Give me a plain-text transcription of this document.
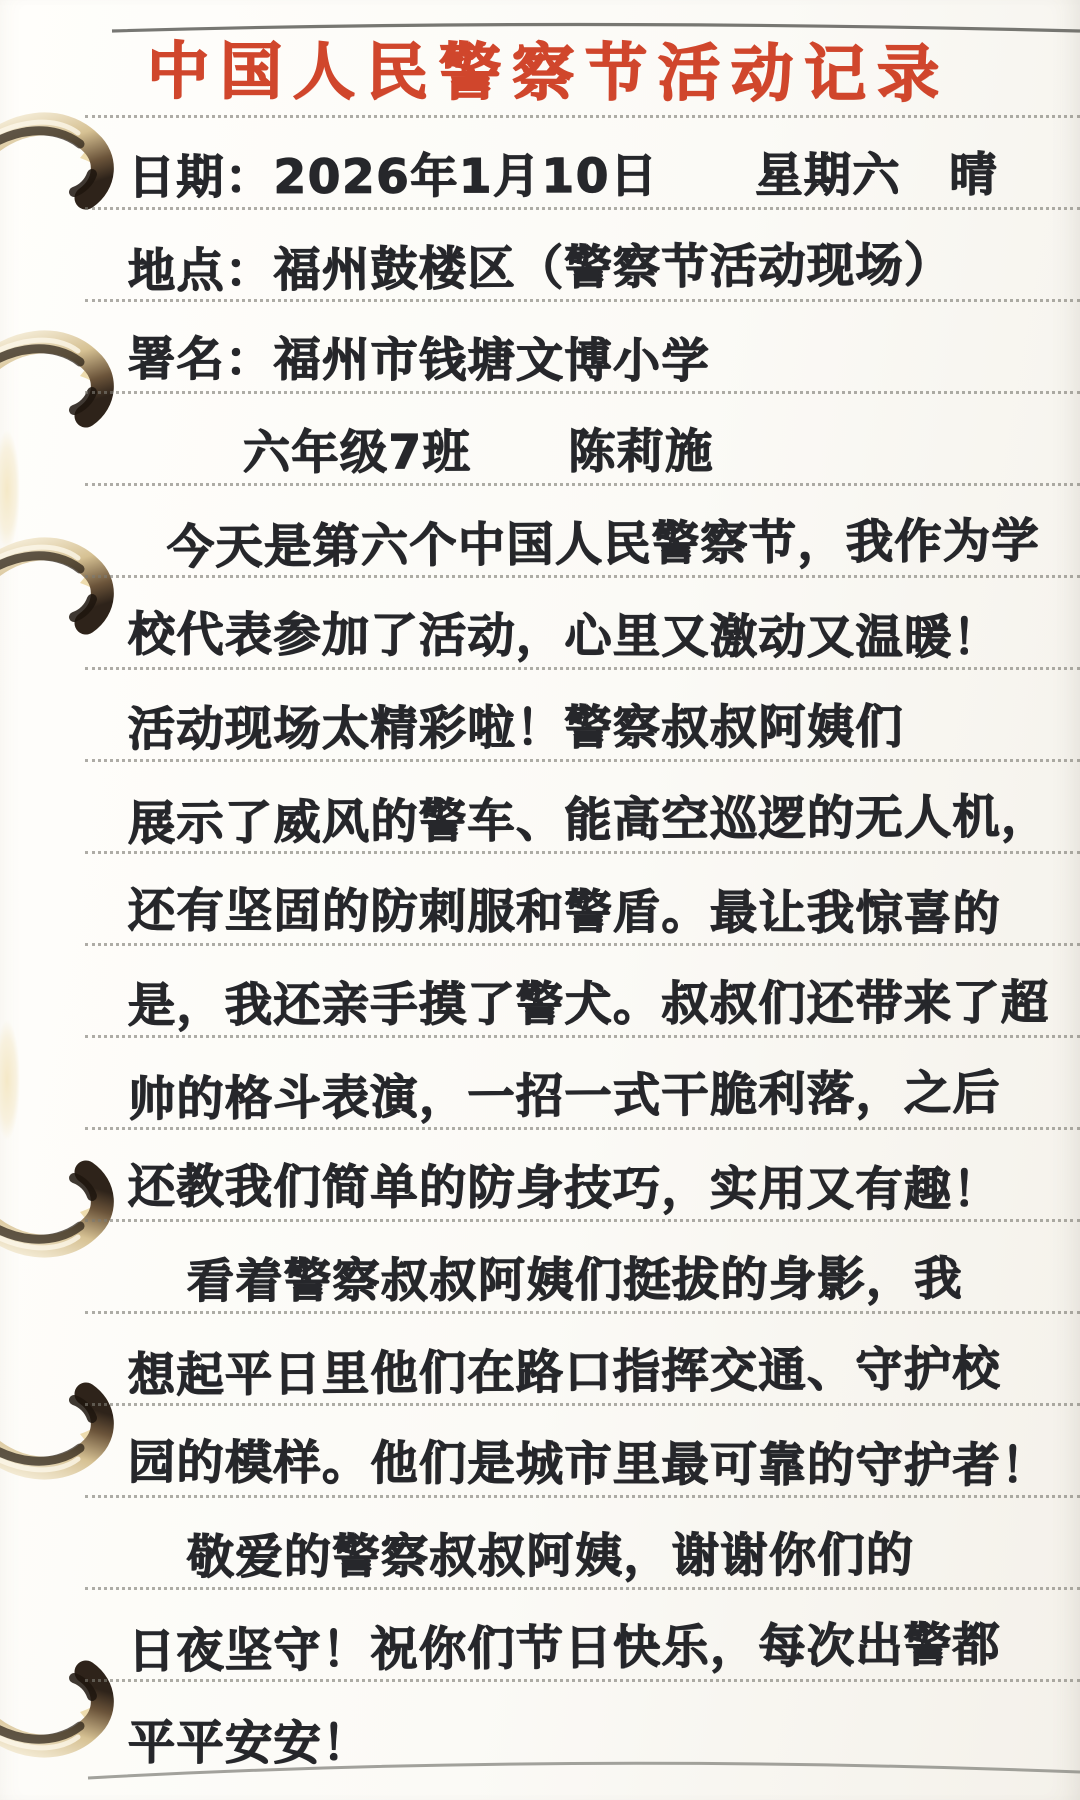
中国人民警察节活动记录
日期：2026年1月10日　　星期六　晴
地点：福州鼓楼区（警察节活动现场）
署名：福州市钱塘文博小学
六年级7班　　陈莉施
今天是第六个中国人民警察节，我作为学
校代表参加了活动，心里又激动又温暖！
活动现场太精彩啦！警察叔叔阿姨们
展示了威风的警车、能高空巡逻的无人机，
还有坚固的防刺服和警盾。最让我惊喜的
是，我还亲手摸了警犬。叔叔们还带来了超
帅的格斗表演，一招一式干脆利落，之后
还教我们简单的防身技巧，实用又有趣！
看着警察叔叔阿姨们挺拔的身影，我
想起平日里他们在路口指挥交通、守护校
园的模样。他们是城市里最可靠的守护者！
敬爱的警察叔叔阿姨，谢谢你们的
日夜坚守！祝你们节日快乐，每次出警都
平平安安！
